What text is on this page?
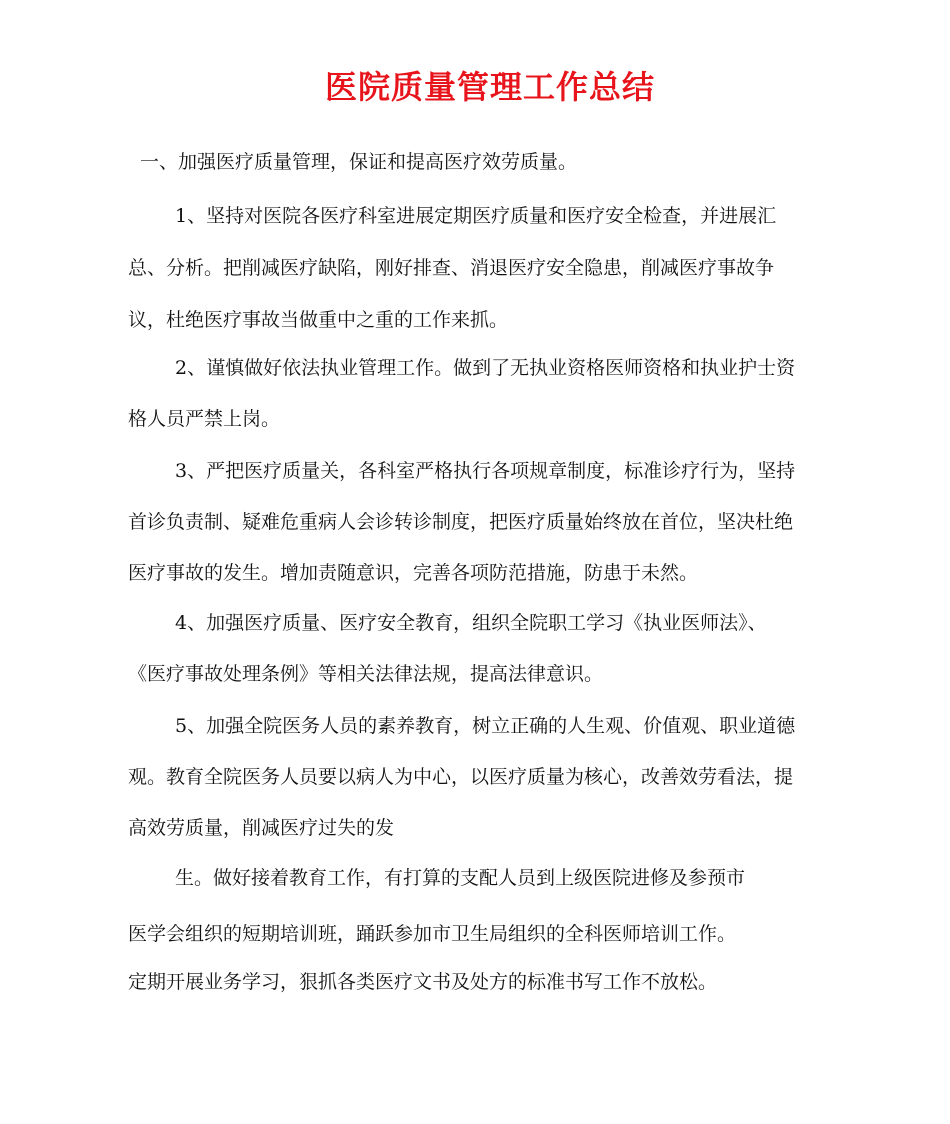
医院质量管理工作总结
一、加强医疗质量管理，保证和提高医疗效劳质量。
1、坚持对医院各医疗科室进展定期医疗质量和医疗安全检查，并进展汇
总、分析。把削减医疗缺陷，刚好排查、消退医疗安全隐患，削减医疗事故争
议，杜绝医疗事故当做重中之重的工作来抓。
2、谨慎做好依法执业管理工作。做到了无执业资格医师资格和执业护士资
格人员严禁上岗。
3、严把医疗质量关，各科室严格执行各项规章制度，标准诊疗行为，坚持
首诊负责制、疑难危重病人会诊转诊制度，把医疗质量始终放在首位，坚决杜绝
医疗事故的发生。增加责随意识，完善各项防范措施，防患于未然。
4、加强医疗质量、医疗安全教育，组织全院职工学习《执业医师法》、
《医疗事故处理条例》等相关法律法规，提高法律意识。
5、加强全院医务人员的素养教育，树立正确的人生观、价值观、职业道德
观。教育全院医务人员要以病人为中心，以医疗质量为核心，改善效劳看法，提
高效劳质量，削减医疗过失的发
生。做好接着教育工作，有打算的支配人员到上级医院进修及参预市
医学会组织的短期培训班，踊跃参加市卫生局组织的全科医师培训工作。
定期开展业务学习，狠抓各类医疗文书及处方的标准书写工作不放松。
